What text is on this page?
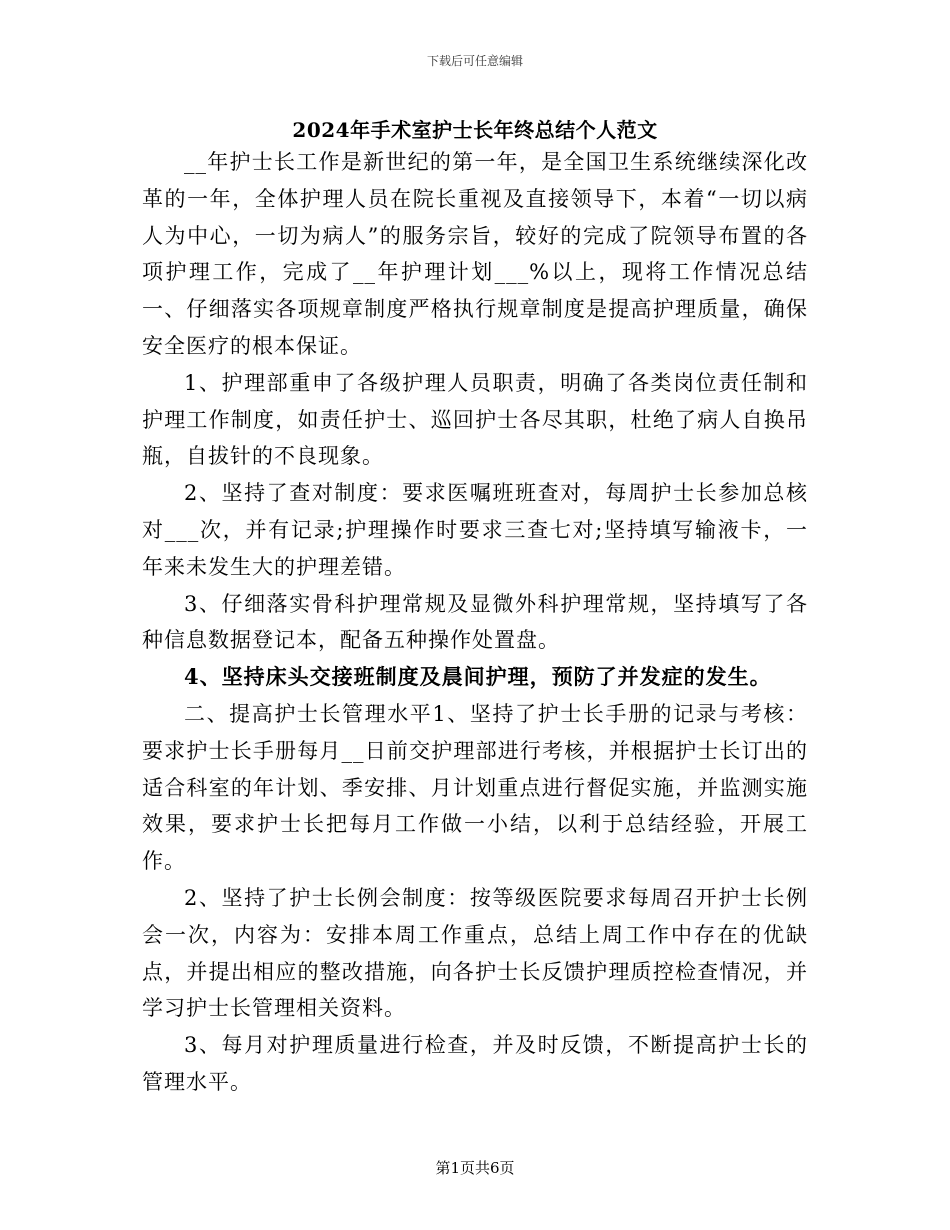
下载后可任意编辑
2024年手术室护士长年终总结个人范文

__年护士长工作是新世纪的第一年，是全国卫生系统继续深化改革的一年，全体护理人员在院长重视及直接领导下，本着“一切以病人为中心，一切为病人”的服务宗旨，较好的完成了院领导布置的各项护理工作，完成了__年护理计划___%以上，现将工作情况总结一、仔细落实各项规章制度严格执行规章制度是提高护理质量，确保安全医疗的根本保证。

1、护理部重申了各级护理人员职责，明确了各类岗位责任制和护理工作制度，如责任护士、巡回护士各尽其职，杜绝了病人自换吊瓶，自拔针的不良现象。

2、坚持了查对制度：要求医嘱班班查对，每周护士长参加总核对___次，并有记录;护理操作时要求三查七对;坚持填写输液卡，一年来未发生大的护理差错。

3、仔细落实骨科护理常规及显微外科护理常规，坚持填写了各种信息数据登记本，配备五种操作处置盘。

4、坚持床头交接班制度及晨间护理，预防了并发症的发生。

二、提高护士长管理水平1、坚持了护士长手册的记录与考核：要求护士长手册每月__日前交护理部进行考核，并根据护士长订出的适合科室的年计划、季安排、月计划重点进行督促实施，并监测实施效果，要求护士长把每月工作做一小结，以利于总结经验，开展工作。

2、坚持了护士长例会制度：按等级医院要求每周召开护士长例会一次，内容为：安排本周工作重点，总结上周工作中存在的优缺点，并提出相应的整改措施，向各护士长反馈护理质控检查情况，并学习护士长管理相关资料。

3、每月对护理质量进行检查，并及时反馈，不断提高护士长的管理水平。

第1页共6页
